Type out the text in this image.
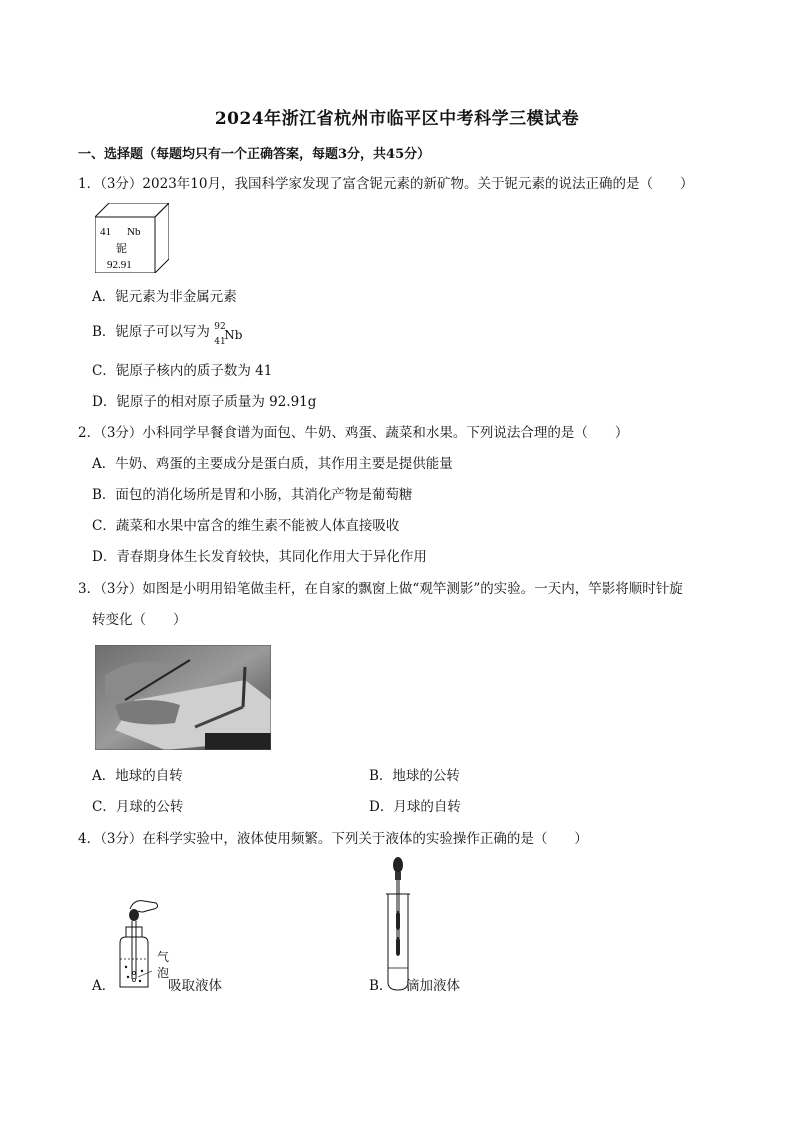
2024年浙江省杭州市临平区中考科学三模试卷
一、选择题（每题均只有一个正确答案，每题3分，共45分）
1．（3分）2023年10月，我国科学家发现了富含铌元素的新矿物。关于铌元素的说法正确的是（　　）
41 Nb
铌
92.91
A．铌元素为非金属元素
B．铌原子可以写为 92
41
Nb
C．铌原子核内的质子数为 41
D．铌原子的相对原子质量为 92.91g
2．（3分）小科同学早餐食谱为面包、牛奶、鸡蛋、蔬菜和水果。下列说法合理的是（　　）
A．牛奶、鸡蛋的主要成分是蛋白质，其作用主要是提供能量
B．面包的消化场所是胃和小肠，其消化产物是葡萄糖
C．蔬菜和水果中富含的维生素不能被人体直接吸收
D．青春期身体生长发育较快，其同化作用大于异化作用
3．（3分）如图是小明用铅笔做圭杆，在自家的飘窗上做“观竿测影”的实验。一天内，竿影将顺时针旋
转变化（　　）
A．地球的自转	B．地球的公转
C．月球的公转	D．月球的自转
4．（3分）在科学实验中，液体使用频繁。下列关于液体的实验操作正确的是（　　）
气
泡
A．	吸取液体	B． 滴加液体
